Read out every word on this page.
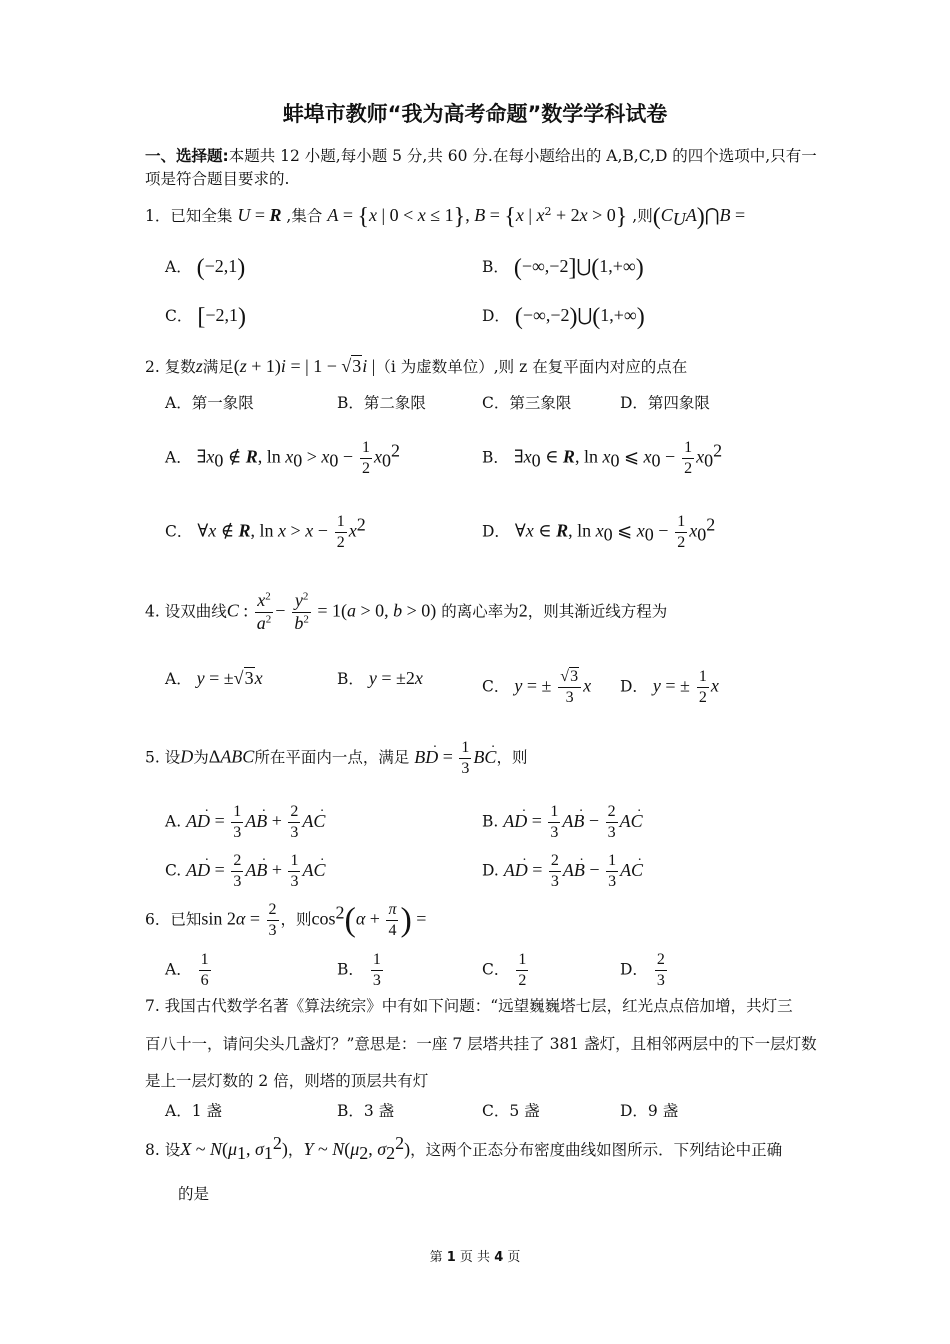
蚌埠市教师“我为高考命题”数学学科试卷
一、选择题:本题共 12 小题,每小题 5 分,共 60 分.在每小题给出的 A,B,C,D 的四个选项中,只有一
项是符合题目要求的.
1．已知全集 U = R ,集合 A = {x | 0 < x ≤ 1}, B = {x | $x^2 + 2x > 0$} ,则$(C_UA)⋂B$ =
A． (−2,1)	B． (−∞,−2]⋃(1,+∞)
C． [−2,1)	D． (−∞,−2)⋃(1,+∞)
2. 复数z满足(z + 1)i = | 1 − √3i |（i 为虚数单位）,则 z 在复平面内对应的点在
A．第一象限	B．第二象限	C．第三象限	D．第四象限
A． $\exists x_0$ ∉ R, $\ln x_0 > x_0 - \frac{1}{2} x_0^2$	B． $\exists x_0$ ∈ R, $\ln x_0$ ⩽ $x_0 - \frac{1}{2} x_0^2$
C． ∀x ∉ R, $\ln x > x - \frac{1}{2} x^2$	D． ∀x ∈ R, $\ln x_0$ ⩽ $x_0 - \frac{1}{2} x_0^2$
4. 设双曲线C : $\frac{x^2}{a^2} - \frac{y^2}{b^2} = 1(a > 0$, b > 0) 的离心率为2，则其渐近线方程为
A． y = ±√3x	B． y = ±2x	C． y = ± $\frac{√3}{3}$ x D． y = ± $\frac{1}{2}$ x
5. 设D为ΔABC所在平面内一点，满足 · BD = $\frac{1}{3}$ · BC，则
A. · AD = $\frac{1}{3}$ · AB + $\frac{2}{3}$ · AC	B. · AD = $\frac{1}{3}$ · AB − $\frac{2}{3}$ · AC
C. · AD = $\frac{2}{3}$ · AB + $\frac{1}{3}$ · AC	D. · AD = $\frac{2}{3}$ · AB − $\frac{1}{3}$ · AC
6．已知$\sin 2\alpha = \frac{2}{3}$ ，则$\cos^2(\alpha + \frac{\pi}{4}$ ) =
A． $\frac{1}{6}$	B． $\frac{1}{3}$	C． $\frac{1}{2}$	D． $\frac{2}{3}$
7. 我国古代数学名著《算法统宗》中有如下问题：“远望巍巍塔七层，红光点点倍加增，共灯三
百八十一，请问尖头几盏灯？”意思是：一座 7 层塔共挂了 381 盏灯，且相邻两层中的下一层灯数
是上一层灯数的 2 倍，则塔的顶层共有灯
A．1 盏	B．3 盏	C．5 盏	D．9 盏
8. 设X ~ $N(\mu_1$, $\sigma_1^2$)，Y ~ $N(\mu_2$, $\sigma_2^2$)，这两个正态分布密度曲线如图所示．下列结论中正确
的是
第 1 页 共 4 页
